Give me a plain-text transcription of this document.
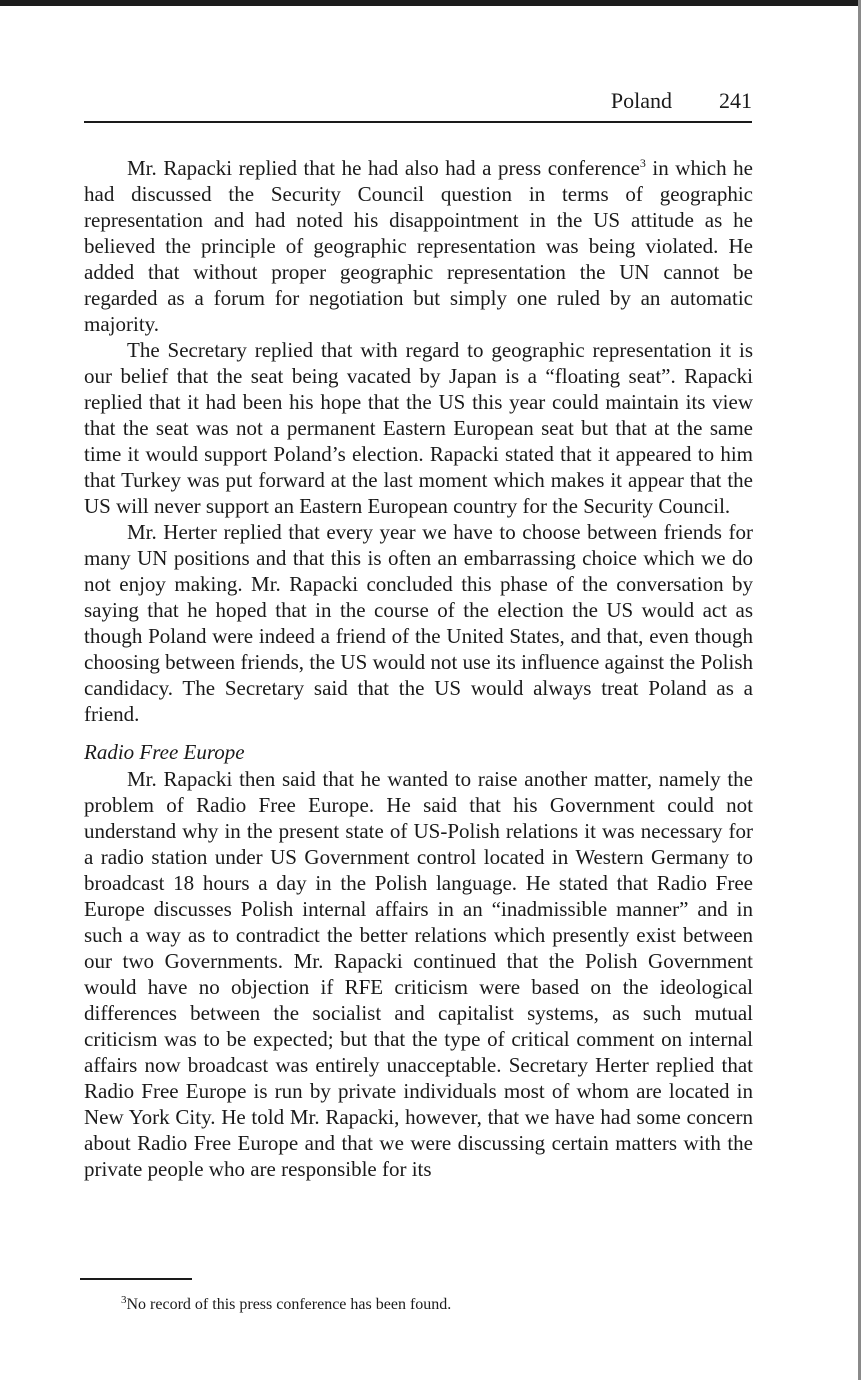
Poland 241

Mr. Rapacki replied that he had also had a press conference$^3$ in which he had discussed the Security Council question in terms of geographic representation and had noted his disappointment in the US attitude as he believed the principle of geographic representation was being violated. He added that without proper geographic representation the UN cannot be regarded as a forum for negotiation but simply one ruled by an automatic majority.

The Secretary replied that with regard to geographic representation it is our belief that the seat being vacated by Japan is a “floating seat”. Rapacki replied that it had been his hope that the US this year could maintain its view that the seat was not a permanent Eastern European seat but that at the same time it would support Poland’s election. Rapacki stated that it appeared to him that Turkey was put forward at the last moment which makes it appear that the US will never support an Eastern European country for the Security Council.

Mr. Herter replied that every year we have to choose between friends for many UN positions and that this is often an embarrassing choice which we do not enjoy making. Mr. Rapacki concluded this phase of the conversation by saying that he hoped that in the course of the election the US would act as though Poland were indeed a friend of the United States, and that, even though choosing between friends, the US would not use its influence against the Polish candidacy. The Secretary said that the US would always treat Poland as a friend.

Radio Free Europe

Mr. Rapacki then said that he wanted to raise another matter, namely the problem of Radio Free Europe. He said that his Government could not understand why in the present state of US-Polish relations it was necessary for a radio station under US Government control located in Western Germany to broadcast 18 hours a day in the Polish language. He stated that Radio Free Europe discusses Polish internal affairs in an “inadmissible manner” and in such a way as to contradict the better relations which presently exist between our two Governments. Mr. Rapacki continued that the Polish Government would have no objection if RFE criticism were based on the ideological differences between the socialist and capitalist systems, as such mutual criticism was to be expected; but that the type of critical comment on internal affairs now broadcast was entirely unacceptable. Secretary Herter replied that Radio Free Europe is run by private individuals most of whom are located in New York City. He told Mr. Rapacki, however, that we have had some concern about Radio Free Europe and that we were discussing certain matters with the private people who are responsible for its

$^3$No record of this press conference has been found.
